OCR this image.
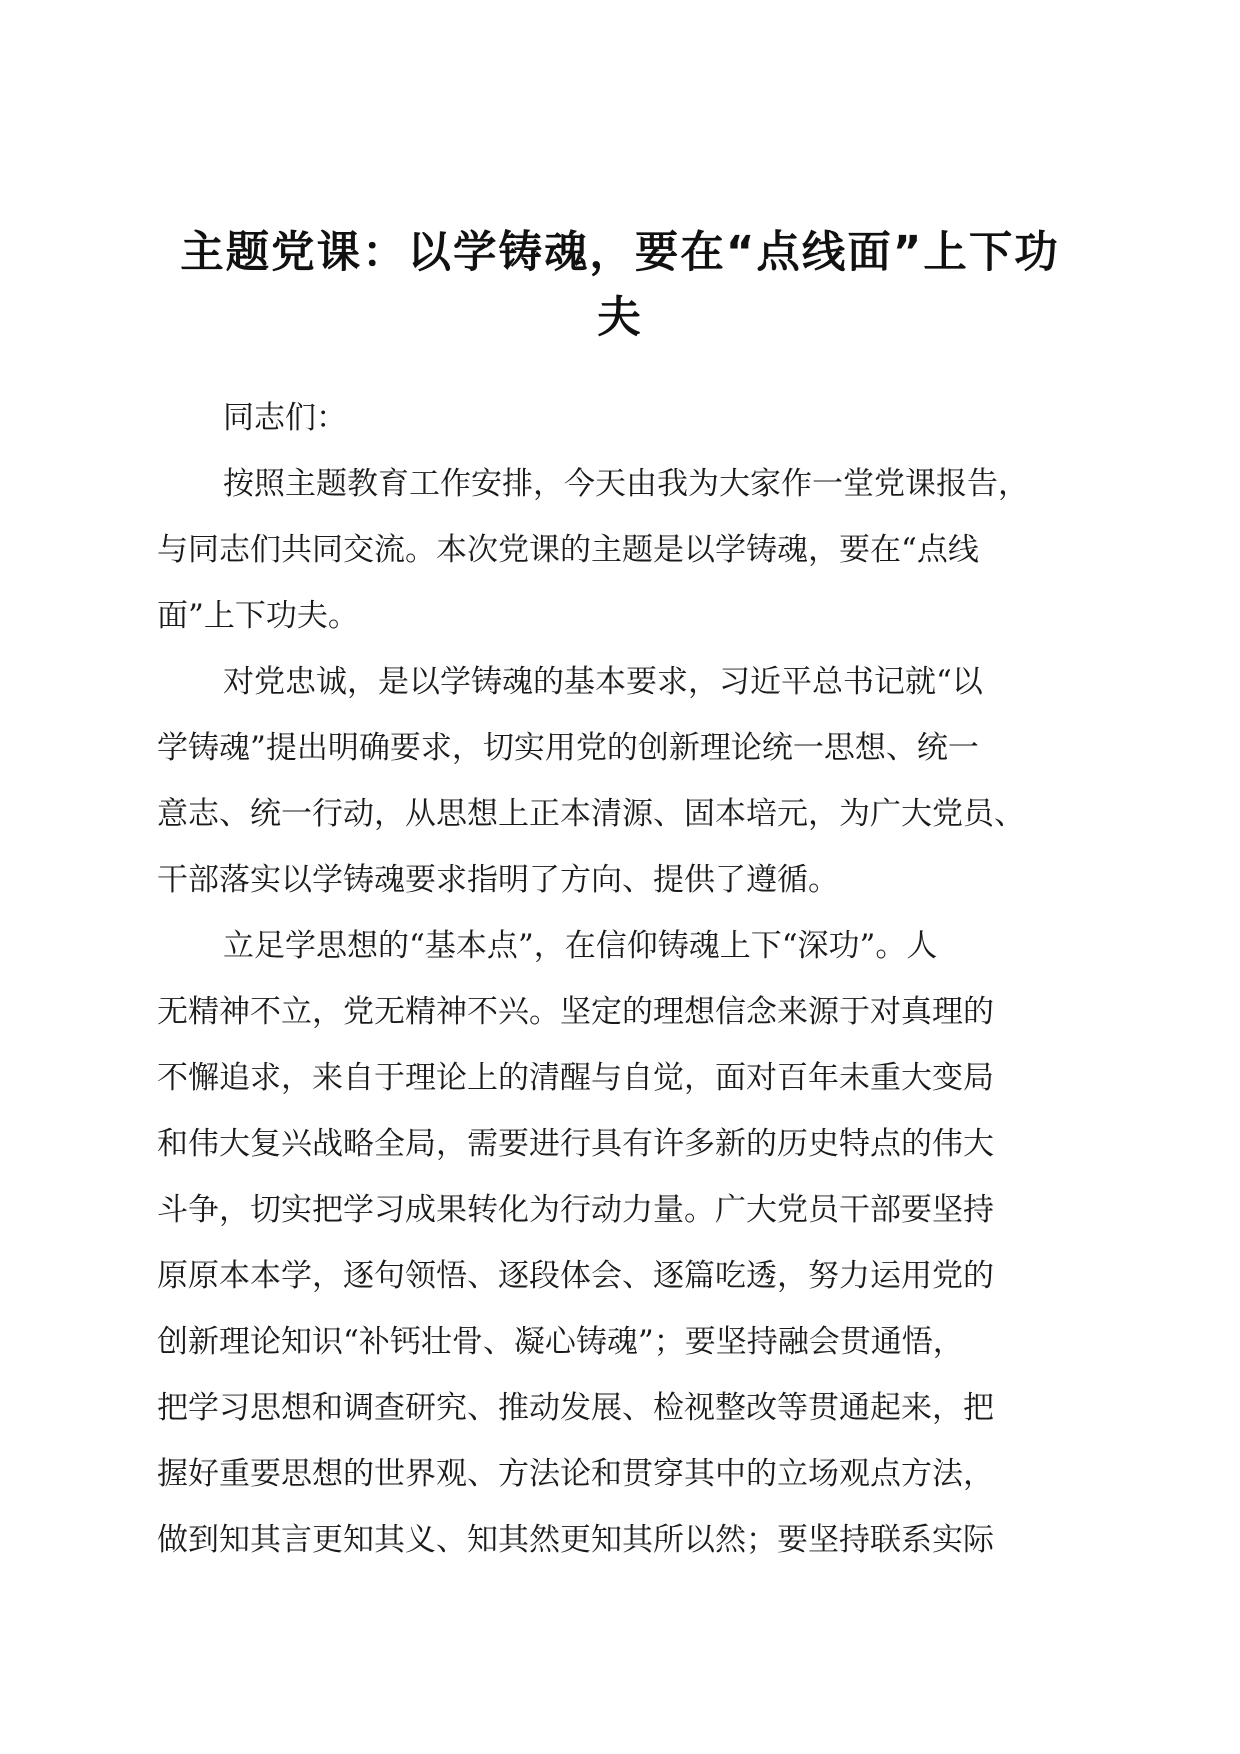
主题党课：以学铸魂，要在“点线面”上下功
夫
同志们：
按照主题教育工作安排，今天由我为大家作一堂党课报告，
与同志们共同交流。本次党课的主题是以学铸魂，要在“点线
面”上下功夫。
对党忠诚，是以学铸魂的基本要求，习近平总书记就“以
学铸魂”提出明确要求，切实用党的创新理论统一思想、统一
意志、统一行动，从思想上正本清源、固本培元，为广大党员、
干部落实以学铸魂要求指明了方向、提供了遵循。
立足学思想的“基本点”，在信仰铸魂上下“深功”。人
无精神不立，党无精神不兴。坚定的理想信念来源于对真理的
不懈追求，来自于理论上的清醒与自觉，面对百年未重大变局
和伟大复兴战略全局，需要进行具有许多新的历史特点的伟大
斗争，切实把学习成果转化为行动力量。广大党员干部要坚持
原原本本学，逐句领悟、逐段体会、逐篇吃透，努力运用党的
创新理论知识“补钙壮骨、凝心铸魂”；要坚持融会贯通悟，
把学习思想和调查研究、推动发展、检视整改等贯通起来，把
握好重要思想的世界观、方法论和贯穿其中的立场观点方法，
做到知其言更知其义、知其然更知其所以然；要坚持联系实际
